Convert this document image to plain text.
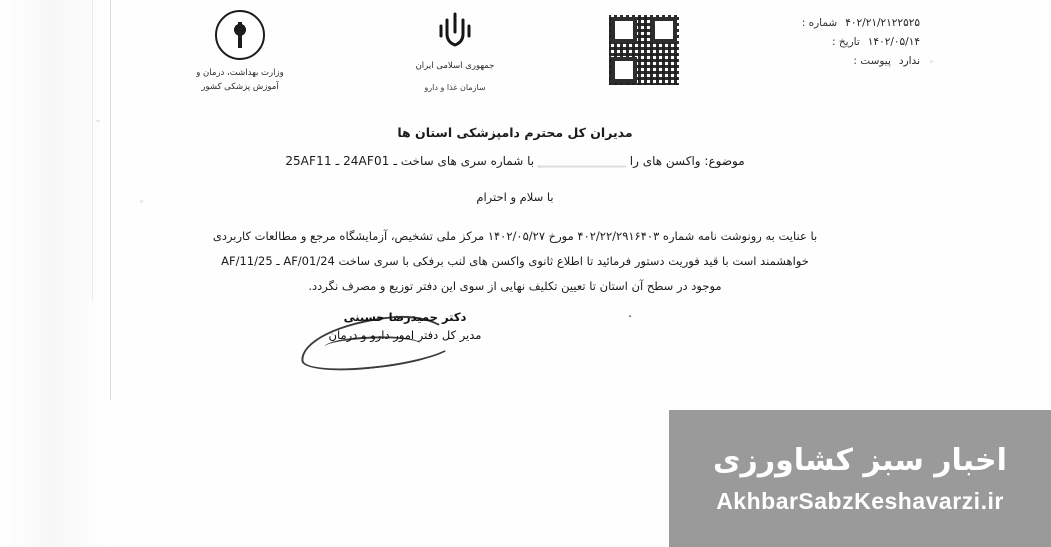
۴۰۲/۲۱/۲۱۲۲۵۲۵
شماره :
۱۴۰۲/۰۵/۱۴
تاریخ :
ندارد
پیوست :
جمهوری اسلامی ایران
سازمان غذا و دارو
وزارت بهداشت، درمان و
آموزش پزشکی کشور
مدیران کل محترم دامپزشکی استان ها
موضوع: واکسن های را  با شماره سری های ساخت ـ 24AF01 ـ 25AF11
با سلام و احترام
با عنایت به رونوشت نامه شماره ۴۰۲/۲۲/۲۹۱۶۴۰۳ مورخ ۱۴۰۲/۰۵/۲۷ مرکز ملی تشخیص، آزمایشگاه مرجع و مطالعات کاربردی
خواهشمند است با قید فوریت دستور فرمائید تا اطلاع ثانوی واکسن های لنب برفکی با سری ساخت 24/AF/01 ـ 25/AF/11
موجود در سطح آن استان تا تعیین تکلیف نهایی از سوی این دفتر توزیع و مصرف نگردد.
.
دکتر حمیدرضا حسینی
مدیر کل دفتر امور دارو و درمان
اخبار سبز کشاورزی
AkhbarSabzKeshavarzi.ir
